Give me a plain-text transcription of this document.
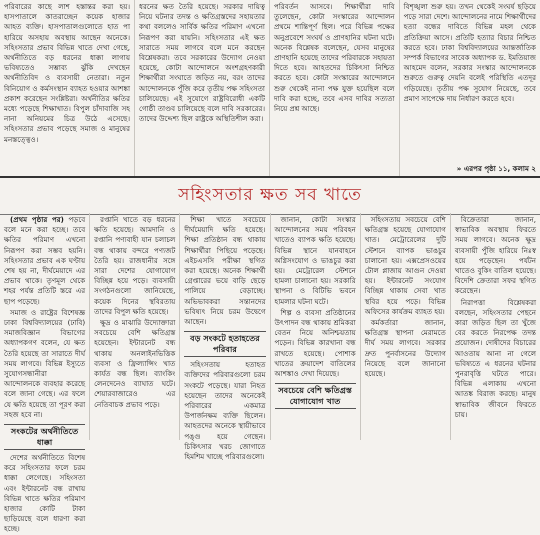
পরিবারের কাছে লাশ হস্তান্তর করা হয়। হাসপাতালে কাতরাচ্ছেন কয়েক হাজার আহত ব্যক্তি। হাসপাতালগুলোতে হাত পা হারিয়ে অসহায় অবস্থায় আছেন অনেকে। সহিংসতার প্রভাব বিভিন্ন খাতে দেখা গেছে, অর্থনীতিতে বড় ধরনের ধাক্কা লাগায় ভবিষ্যতেও সম্ভাব্য ঝুঁকি দেখছেন অর্থনীতিবিদ ও ব্যবসায়ী নেতারা। নতুন বিনিয়োগ ও কর্মসংস্থান ব্যাহত হওয়ার আশঙ্কা প্রকাশ করেছেন সংশ্লিষ্টরা। অর্থনীতির ক্ষতির মধ্যে পড়েছে শিক্ষাখাত। বিপুল চাঁদাবাজি সহ নানা অনিয়মের চিত্র উঠে এসেছে। সহিংসতার প্রভাব পড়েছে সমাজ ও মানুষের মনস্তত্ত্বেও।

ধরনের ক্ষত তৈরি হয়েছে। সরকার দায়িত্ব নিয়ে ঘটনার তদন্ত ও ক্ষতিগ্রস্তদের সহায়তার কথা বললেও সার্বিক ক্ষতির পরিমাণ এখনো নিরূপণ করা যায়নি। সহিংসতার এই ক্ষত সারাতে সময় লাগবে বলে মনে করছেন বিশ্লেষকরা। তবে সরকারের উদ্যোগ নেওয়া হয়েছে, কোটা আন্দোলনে অংশগ্রহণকারী শিক্ষার্থীরা সংঘাতে জড়িত নয়, বরং তাদের আন্দোলনকে পুঁজি করে তৃতীয় পক্ষ সহিংসতা চালিয়েছে। এই সুযোগে রাষ্ট্রবিরোধী একটি গোষ্ঠী তাণ্ডব চালিয়েছে বলে দাবি সরকারের। তাদের উদ্দেশ্য ছিল রাষ্ট্রকে অস্থিতিশীল করা।

পরিবর্তন আসবে। শিক্ষার্থীরা দাবি তুলেছেন, কোটা সংস্কারের আন্দোলন প্রথমে শান্তিপূর্ণ ছিল। পরে বিভিন্ন পক্ষের অনুপ্রবেশে সংঘর্ষ ও প্রাণহানির ঘটনা ঘটে। অনেক বিশ্লেষক বলেছেন, যেসব মানুষের প্রাণহানি হয়েছে তাদের পরিবারকে সহায়তা দিতে হবে। আহতদের চিকিৎসা নিশ্চিত করতে হবে। কোটা সংস্কারের আন্দোলনে শুরু থেকেই নানা পক্ষ যুক্ত হয়েছিল বলে দাবি করা হচ্ছে, তবে এসব দাবির সত্যতা নিয়ে প্রশ্ন আছে।

বিশৃঙ্খলা শুরু হয়। তখন থেকেই সংঘর্ষ ছড়িয়ে পড়ে সারা দেশে। আন্দোলনের নামে শিক্ষার্থীদের হত্যা বন্ধের দাবিতে বিভিন্ন মহল থেকে প্রতিক্রিয়া আসে। প্রতিটি হত্যার বিচার নিশ্চিত করতে হবে। ঢাকা বিশ্ববিদ্যালয়ের আন্তর্জাতিক সম্পর্ক বিভাগের সাবেক অধ্যাপক ড. ইমতিয়াজ আহমেদ বলেন, সরকার সংস্কার আন্দোলনকে শুরুতে গুরুত্ব দেয়নি বলেই পরিস্থিতি এতদূর গড়িয়েছে। তৃতীয় পক্ষ সুযোগ নিয়েছে, তবে প্রমাণ সাপেক্ষে দায় নির্ধারণ করতে হবে।

» এরপর পৃষ্ঠা ১১, কলাম ২

সহিংসতার ক্ষত সব খাতে

(প্রথম পৃষ্ঠার পর) পড়বে বলে মনে করা হচ্ছে। তবে ক্ষতির পরিমাণ এখনো নিরূপণ করা সম্ভব হয়নি। সহিংসতার প্রভাব এক ঘণ্টায় শেষ হয় না, দীর্ঘমেয়াদে এর প্রভাব থাকে। তৃণমূল থেকে শহর পর্যন্ত প্রতিটি স্তরে এর ছাপ পড়েছে।

সমাজ ও রাষ্ট্রের বিশেষজ্ঞ ঢাকা বিশ্ববিদ্যালয়ের (ঢাবি) সমাজবিজ্ঞান বিভাগের অধ্যাপকগণ বলেন, যে ক্ষত তৈরি হয়েছে তা সারাতে দীর্ঘ সময় লাগবে। বিভিন্ন ইস্যুতে সুযোগসন্ধানীরা আন্দোলনকে ব্যবহার করেছে বলে জানা গেছে। এর ফলে যে ক্ষতি হয়েছে তা পূরণ করা সহজ হবে না।

সংকটের অর্থনীতিতে ধাক্কা

দেশের অর্থনীতিতে বিশেষ করে সহিংসতার ফলে চরম ধাক্কা লেগেছে। সহিংসতা এবং ইন্টারনেট বন্ধ রাখায় বিভিন্ন খাতে ক্ষতির পরিমাণ হাজার কোটি টাকা ছাড়িয়েছে বলে ধারণা করা হচ্ছে।

রপ্তানি খাতে বড় ধরনের ক্ষতি হয়েছে। আমদানি ও রপ্তানি পণ্যবাহী যান চলাচল বন্ধ থাকায় বন্দরে পণ্যজট তৈরি হয়। রাজধানীর সঙ্গে সারা দেশের যোগাযোগ বিচ্ছিন্ন হয়ে পড়ে। ব্যবসায়ী সংগঠনগুলো জানিয়েছে, কয়েক দিনের স্থবিরতায় তাদের বিপুল ক্ষতি হয়েছে।

ক্ষুদ্র ও মাঝারি উদ্যোক্তারা সবচেয়ে বেশি ক্ষতিগ্রস্ত হয়েছেন। ইন্টারনেট বন্ধ থাকায় অনলাইনভিত্তিক ব্যবসা ও ফ্রিল্যান্সিং খাত কার্যত বন্ধ ছিল। ব্যাংকিং লেনদেনেও ব্যাঘাত ঘটে। শেয়ারবাজারেও এর নেতিবাচক প্রভাব পড়ে।

শিক্ষা খাতে সবচেয়ে দীর্ঘমেয়াদি ক্ষতি হয়েছে। শিক্ষা প্রতিষ্ঠান বন্ধ থাকায় শিক্ষার্থীরা পিছিয়ে পড়েছে। এইচএসসি পরীক্ষা স্থগিত করা হয়েছে। অনেক শিক্ষার্থী গ্রেপ্তারের ভয়ে বাড়ি ছেড়ে পালিয়ে বেড়াচ্ছে। অভিভাবকরা সন্তানদের ভবিষ্যৎ নিয়ে চরম উদ্বেগে আছেন।

বড় সংকটে হতাহতের পরিবার

সহিংসতায় হতাহত ব্যক্তিদের পরিবারগুলো চরম সংকটে পড়েছে। যারা নিহত হয়েছেন তাদের অনেকেই পরিবারের একমাত্র উপার্জনক্ষম ব্যক্তি ছিলেন। আহতদের অনেকে স্থায়ীভাবে পঙ্গু হয়ে গেছেন। চিকিৎসার খরচ জোগাতে হিমশিম খাচ্ছে পরিবারগুলো।

জানান, কোটা সংস্কার আন্দোলনের সময় পরিবহন খাতেও ব্যাপক ক্ষতি হয়েছে। বিভিন্ন স্থানে যানবাহনে অগ্নিসংযোগ ও ভাঙচুর করা হয়। মেট্রোরেল স্টেশনে হামলা চালানো হয়। সরকারি স্থাপনা ও বিটিভি ভবনে হামলার ঘটনা ঘটে।

শিল্প ও ব্যবসা প্রতিষ্ঠানের উৎপাদন বন্ধ থাকায় শ্রমিকরা বেতন নিয়ে অনিশ্চয়তায় পড়েন। বিভিন্ন কারখানা বন্ধ রাখতে হয়েছে। পোশাক খাতের ক্রয়াদেশ বাতিলের আশঙ্কাও দেখা দিয়েছে।

সবচেয়ে বেশি ক্ষতিগ্রস্ত যোগাযোগ খাত

সহিংসতায় সবচেয়ে বেশি ক্ষতিগ্রস্ত হয়েছে যোগাযোগ খাত। মেট্রোরেলের দুটি স্টেশনে ব্যাপক ভাঙচুর চালানো হয়। এক্সপ্রেসওয়ের টোল প্লাজায় আগুন দেওয়া হয়। ইন্টারনেট সংযোগ বিচ্ছিন্ন থাকায় সেবা খাত স্থবির হয়ে পড়ে। বিভিন্ন অফিসের কার্যক্রম ব্যাহত হয়।

কর্মকর্তারা জানান, ক্ষতিগ্রস্ত স্থাপনা মেরামতে দীর্ঘ সময় লাগবে। সরকার দ্রুত পুনর্বাসনের উদ্যোগ নিয়েছে বলে জানানো হয়েছে।

বিক্রেতারা জানান, স্বাভাবিক অবস্থায় ফিরতে সময় লাগবে। অনেক ক্ষুদ্র ব্যবসায়ী পুঁজি হারিয়ে নিঃস্ব হয়ে পড়েছেন। পর্যটন খাতেও বুকিং বাতিল হয়েছে। বিদেশি ক্রেতারা সফর স্থগিত করেছেন।

নিরাপত্তা বিশ্লেষকরা বলছেন, সহিংসতার পেছনে কারা জড়িত ছিল তা খুঁজে বের করতে নিরপেক্ষ তদন্ত প্রয়োজন। দোষীদের বিচারের আওতায় আনা না গেলে ভবিষ্যতে এ ধরনের ঘটনার পুনরাবৃত্তি ঘটতে পারে। বিভিন্ন এলাকায় এখনো আতঙ্ক বিরাজ করছে। মানুষ স্বাভাবিক জীবনে ফিরতে চায়।
